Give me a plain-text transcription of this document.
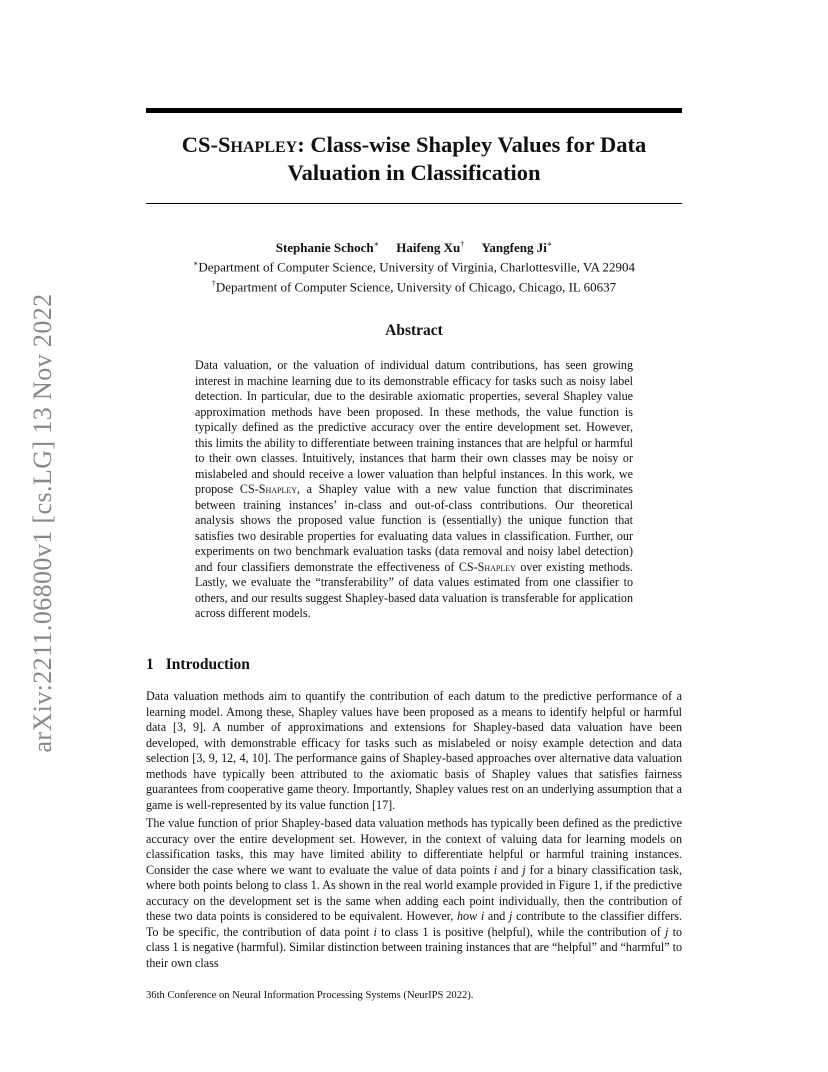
arXiv:2211.06800v1 [cs.LG] 13 Nov 2022
CS-Shapley: Class-wise Shapley Values for Data
Valuation in Classification
Stephanie Schoch∗ Haifeng Xu† Yangfeng Ji∗
∗Department of Computer Science, University of Virginia, Charlottesville, VA 22904
†Department of Computer Science, University of Chicago, Chicago, IL 60637
Abstract
Data valuation, or the valuation of individual datum contributions, has seen growing interest in machine learning due to its demonstrable efficacy for tasks such as noisy label detection. In particular, due to the desirable axiomatic properties, several Shapley value approximation methods have been proposed. In these methods, the value function is typically defined as the predictive accuracy over the entire development set. However, this limits the ability to differentiate between training instances that are helpful or harmful to their own classes. Intuitively, instances that harm their own classes may be noisy or mislabeled and should receive a lower valuation than helpful instances. In this work, we propose CS-Shapley, a Shapley value with a new value function that discriminates between training instances’ in-class and out-of-class contributions. Our theoretical analysis shows the proposed value function is (essentially) the unique function that satisfies two desirable properties for evaluating data values in classification. Further, our experiments on two benchmark evaluation tasks (data removal and noisy label detection) and four classifiers demonstrate the effectiveness of CS-Shapley over existing methods. Lastly, we evaluate the “transferability” of data values estimated from one classifier to others, and our results suggest Shapley-based data valuation is transferable for application across different models.
1 Introduction
Data valuation methods aim to quantify the contribution of each datum to the predictive performance of a learning model. Among these, Shapley values have been proposed as a means to identify helpful or harmful data [3, 9]. A number of approximations and extensions for Shapley-based data valuation have been developed, with demonstrable efficacy for tasks such as mislabeled or noisy example detection and data selection [3, 9, 12, 4, 10]. The performance gains of Shapley-based approaches over alternative data valuation methods have typically been attributed to the axiomatic basis of Shapley values that satisfies fairness guarantees from cooperative game theory. Importantly, Shapley values rest on an underlying assumption that a game is well-represented by its value function [17].
The value function of prior Shapley-based data valuation methods has typically been defined as the predictive accuracy over the entire development set. However, in the context of valuing data for learning models on classification tasks, this may have limited ability to differentiate helpful or harmful training instances. Consider the case where we want to evaluate the value of data points i and j for a binary classification task, where both points belong to class 1. As shown in the real world example provided in Figure 1, if the predictive accuracy on the development set is the same when adding each point individually, then the contribution of these two data points is considered to be equivalent. However, how i and j contribute to the classifier differs. To be specific, the contribution of data point i to class 1 is positive (helpful), while the contribution of j to class 1 is negative (harmful). Similar distinction between training instances that are “helpful” and “harmful” to their own class
36th Conference on Neural Information Processing Systems (NeurIPS 2022).
